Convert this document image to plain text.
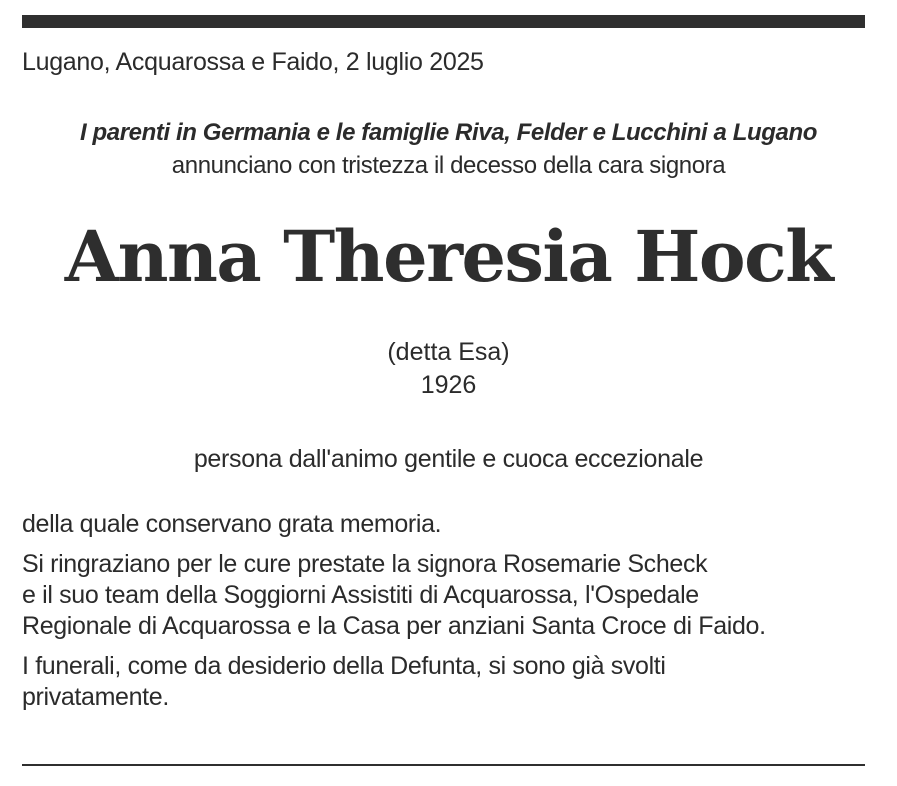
Lugano, Acquarossa e Faido, 2 luglio 2025
I parenti in Germania e le famiglie Riva, Felder e Lucchini a Lugano
annunciano con tristezza il decesso della cara signora
Anna Theresia Hock
(detta Esa)
1926
persona dall'animo gentile e cuoca eccezionale

della quale conservano grata memoria.

Si ringraziano per le cure prestate la signora Rosemarie Scheck
e il suo team della Soggiorni Assistiti di Acquarossa, l'Ospedale
Regionale di Acquarossa e la Casa per anziani Santa Croce di Faido.

I funerali, come da desiderio della Defunta, si sono già svolti
privatamente.
